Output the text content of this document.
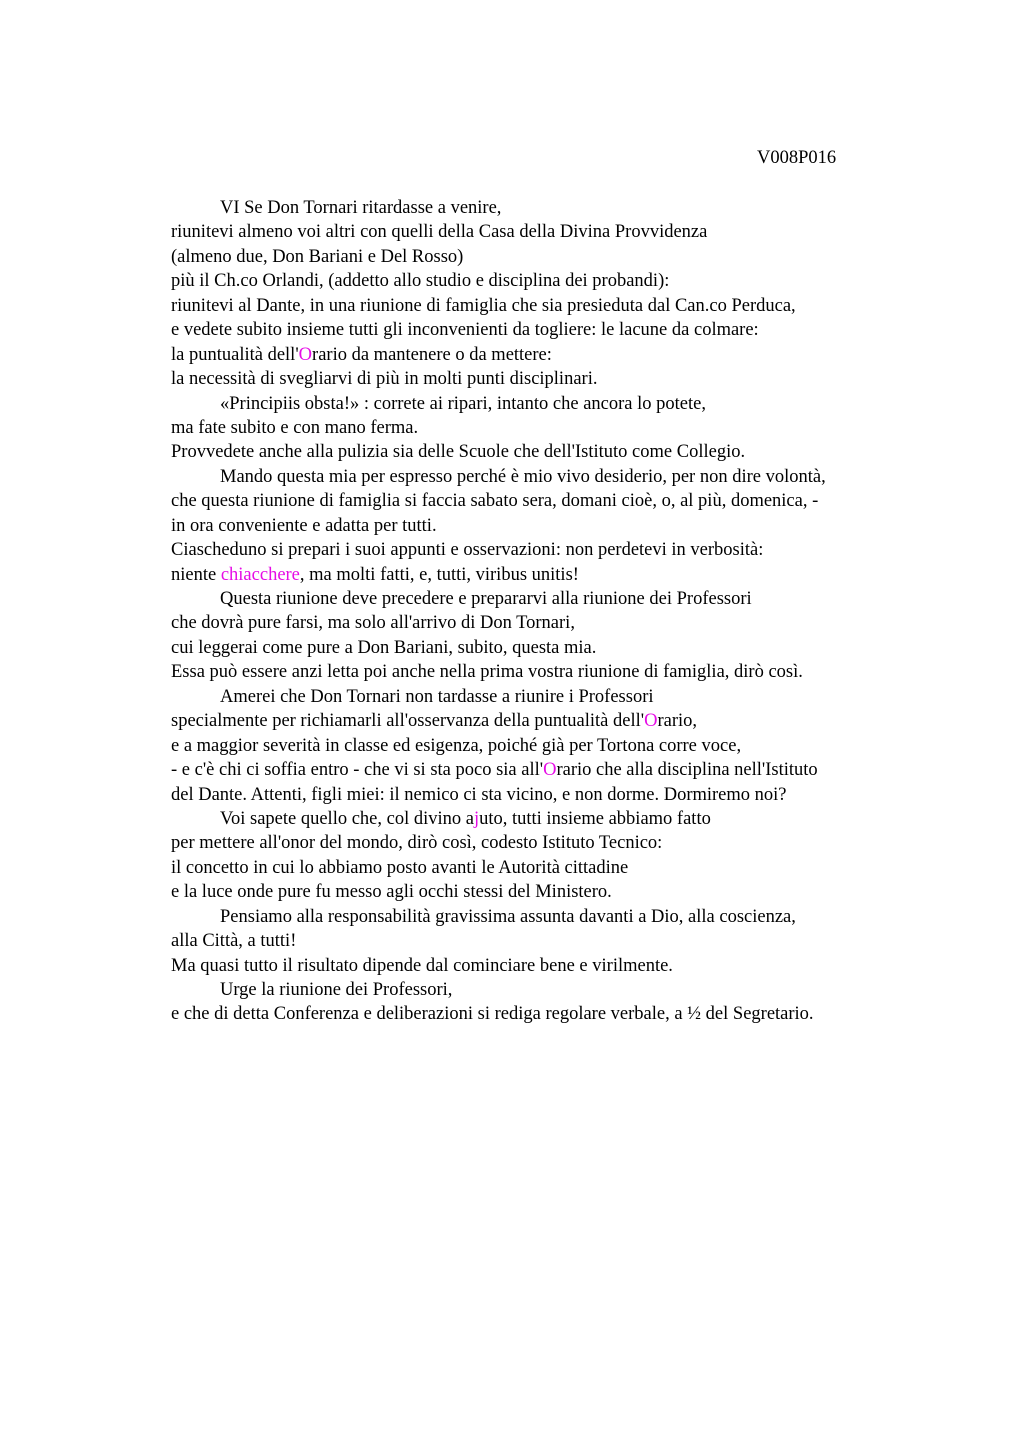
V008P016
VI Se Don Tornari ritardasse a venire,
riunitevi almeno voi altri con quelli della Casa della Divina Provvidenza
(almeno due, Don Bariani e Del Rosso)
più il Ch.co Orlandi, (addetto allo studio e disciplina dei probandi):
riunitevi al Dante, in una riunione di famiglia che sia presieduta dal Can.co Perduca,
e vedete subito insieme tutti gli inconvenienti da togliere: le lacune da colmare:
la puntualità dell'Orario da mantenere o da mettere:
la necessità di svegliarvi di più in molti punti disciplinari.
«Principiis obsta!» : correte ai ripari, intanto che ancora lo potete,
ma fate subito e con mano ferma.
Provvedete anche alla pulizia sia delle Scuole che dell'Istituto come Collegio.
Mando questa mia per espresso perché è mio vivo desiderio, per non dire volontà,
che questa riunione di famiglia si faccia sabato sera, domani cioè, o, al più, domenica, -
in ora conveniente e adatta per tutti.
Ciascheduno si prepari i suoi appunti e osservazioni: non perdetevi in verbosità:
niente chiacchere, ma molti fatti, e, tutti, viribus unitis!
Questa riunione deve precedere e prepararvi alla riunione dei Professori
che dovrà pure farsi, ma solo all'arrivo di Don Tornari,
cui leggerai come pure a Don Bariani, subito, questa mia.
Essa può essere anzi letta poi anche nella prima vostra riunione di famiglia, dirò così.
Amerei che Don Tornari non tardasse a riunire i Professori
specialmente per richiamarli all'osservanza della puntualità dell'Orario,
e a maggior severità in classe ed esigenza, poiché già per Tortona corre voce,
- e c'è chi ci soffia entro - che vi si sta poco sia all'Orario che alla disciplina nell'Istituto
del Dante. Attenti, figli miei: il nemico ci sta vicino, e non dorme. Dormiremo noi?
Voi sapete quello che, col divino ajuto, tutti insieme abbiamo fatto
per mettere all'onor del mondo, dirò così, codesto Istituto Tecnico:
il concetto in cui lo abbiamo posto avanti le Autorità cittadine
e la luce onde pure fu messo agli occhi stessi del Ministero.
Pensiamo alla responsabilità gravissima assunta davanti a Dio, alla coscienza,
alla Città, a tutti!
Ma quasi tutto il risultato dipende dal cominciare bene e virilmente.
Urge la riunione dei Professori,
e che di detta Conferenza e deliberazioni si rediga regolare verbale, a ½ del Segretario.
